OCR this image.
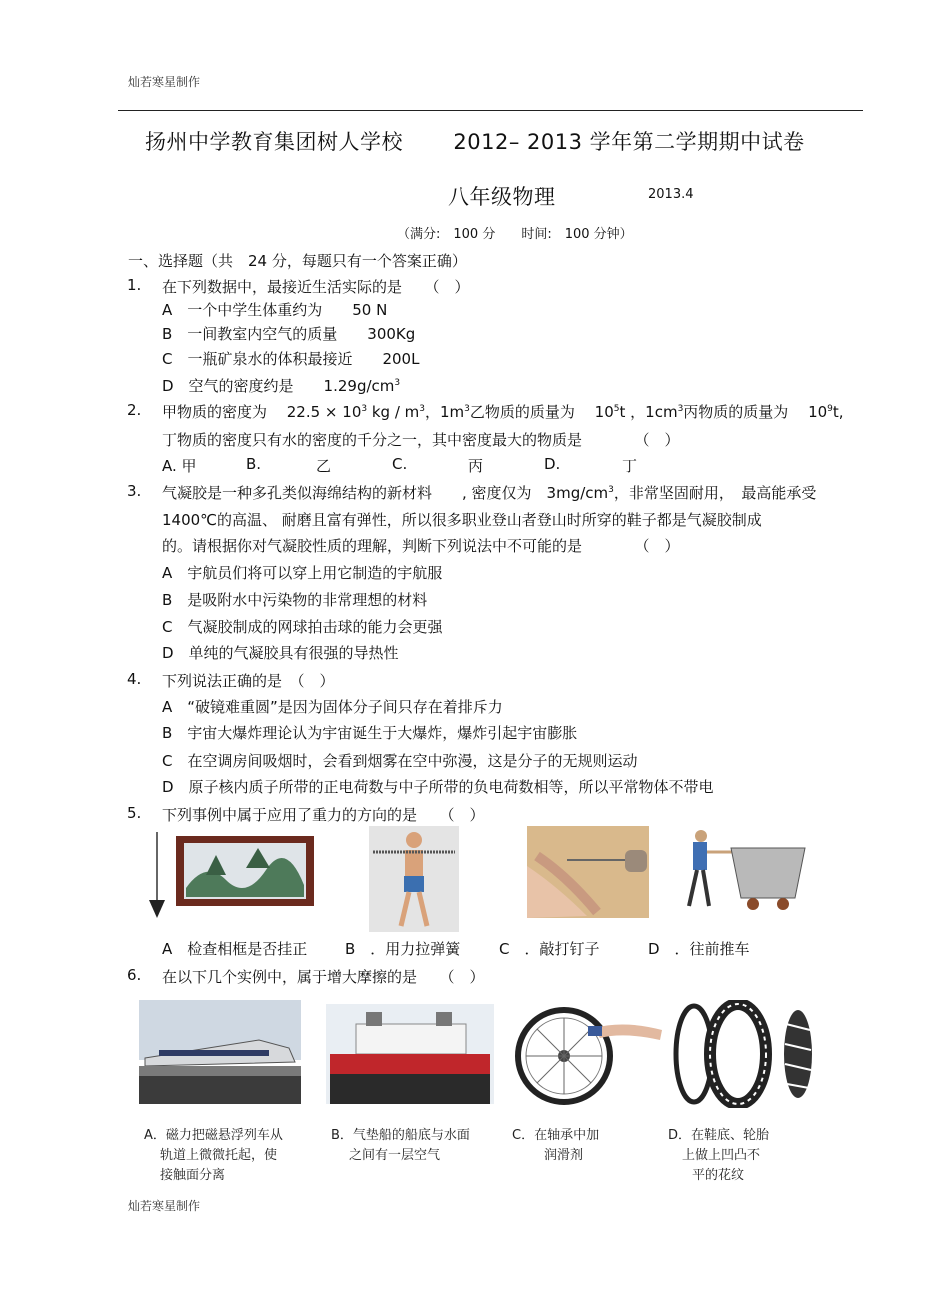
灿若寒星制作
扬州中学教育集团树人学校 2012– 2013 学年第二学期期中试卷
八年级物理	2013.4
（满分:　100 分　　时间:　100 分钟）
一、选择题（共　24 分，每题只有一个答案正确）
1. 在下列数据中，最接近生活实际的是　　（　）
A　一个中学生体重约为　　50 N
B　一间教室内空气的质量　　300Kg
C　一瓶矿泉水的体积最接近　　200L
D　空气的密度约是　　$1.29g/cm^3$
2. 甲物质的密度为　 $22.5 \times 10^3$ kg / $m^3$，$1m^3$乙物质的质量为　 $10^5t$ ，$1cm^3$丙物质的质量为　 $10^9t$,
丁物质的密度只有水的密度的千分之一，其中密度最大的物质是　　　　（　）
A. 甲	B.	乙	C.	丙	D.	丁
3. 气凝胶是一种多孔类似海绵结构的新材料　　, 密度仅为　$3mg/cm^3$，非常坚固耐用，　最高能承受
1400℃的高温、 耐磨且富有弹性，所以很多职业登山者登山时所穿的鞋子都是气凝胶制成
的。请根据你对气凝胶性质的理解，判断下列说法中不可能的是　　　　（　）
A　宇航员们将可以穿上用它制造的宇航服
B　是吸附水中污染物的非常理想的材料
C　气凝胶制成的网球拍击球的能力会更强
D　单纯的气凝胶具有很强的导热性
4. 下列说法正确的是　（　）
A　“破镜难重圆”是因为固体分子间只存在着排斥力
B　宇宙大爆炸理论认为宇宙诞生于大爆炸，爆炸引起宇宙膨胀
C　在空调房间吸烟时，会看到烟雾在空中弥漫，这是分子的无规则运动
D　原子核内质子所带的正电荷数与中子所带的负电荷数相等，所以平常物体不带电
5. 下列事例中属于应用了重力的方向的是　　（　）
A　检查相框是否挂正	B　．用力拉弹簧	C　．敲打钉子	D　．往前推车
6. 在以下几个实例中，属于增大摩擦的是　　（　）
A．磁力把磁悬浮列车从
轨道上微微托起，使
接触面分离
B．气垫船的船底与水面
之间有一层空气
C．在轴承中加
润滑剂
D．在鞋底、轮胎
上做上凹凸不
平的花纹
灿若寒星制作
